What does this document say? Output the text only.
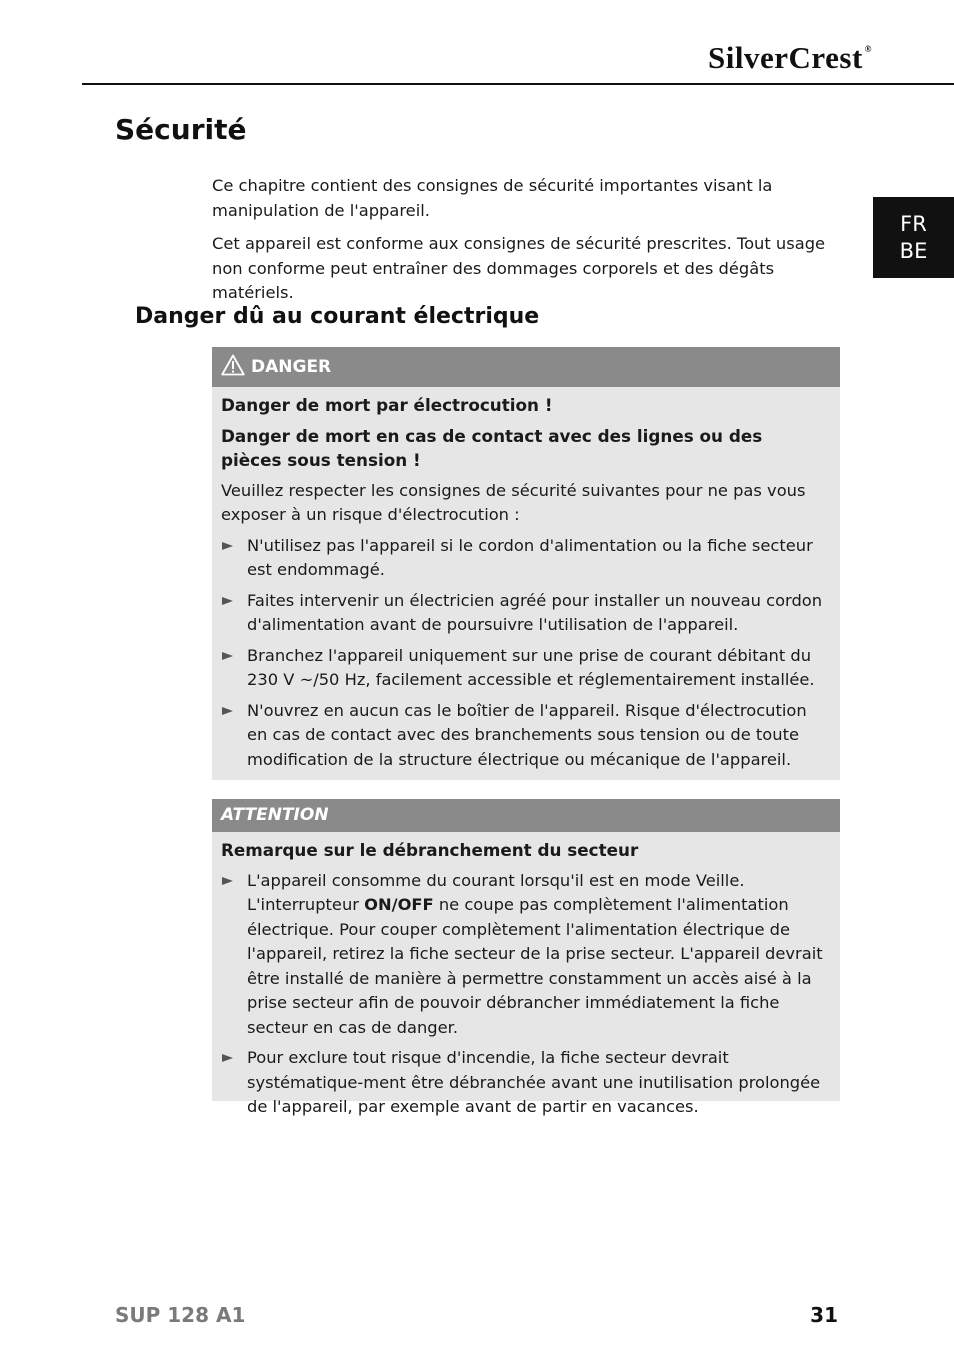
SilverCrest ®
FR
BE
Sécurité

Ce chapitre contient des consignes de sécurité importantes visant la manipulation de l'appareil.

Cet appareil est conforme aux consignes de sécurité prescrites. Tout usage non conforme peut entraîner des dommages corporels et des dégâts matériels.

Danger dû au courant électrique
DANGER

Danger de mort par électrocution !

Danger de mort en cas de contact avec des lignes ou des pièces sous tension !

Veuillez respecter les consignes de sécurité suivantes pour ne pas vous exposer à un risque d'électrocution :

N'utilisez pas l'appareil si le cordon d'alimentation ou la fiche secteur est endommagé.
Faites intervenir un électricien agréé pour installer un nouveau cordon d'alimentation avant de poursuivre l'utilisation de l'appareil.
Branchez l'appareil uniquement sur une prise de courant débitant du 230 V ~/50 Hz, facilement accessible et réglementairement installée.
N'ouvrez en aucun cas le boîtier de l'appareil. Risque d'électrocution en cas de contact avec des branchements sous tension ou de toute modification de la structure électrique ou mécanique de l'appareil.
ATTENTION

Remarque sur le débranchement du secteur

L'appareil consomme du courant lorsqu'il est en mode Veille. L'interrupteur ON/OFF ne coupe pas complètement l'alimentation électrique. Pour couper complètement l'alimentation électrique de l'appareil, retirez la fiche secteur de la prise secteur. L'appareil devrait être installé de manière à permettre constamment un accès aisé à la prise secteur afin de pouvoir débrancher immédiatement la fiche secteur en cas de danger.
Pour exclure tout risque d'incendie, la fiche secteur devrait systématique-ment être débranchée avant une inutilisation prolongée de l'appareil, par exemple avant de partir en vacances.
SUP 128 A1	31
